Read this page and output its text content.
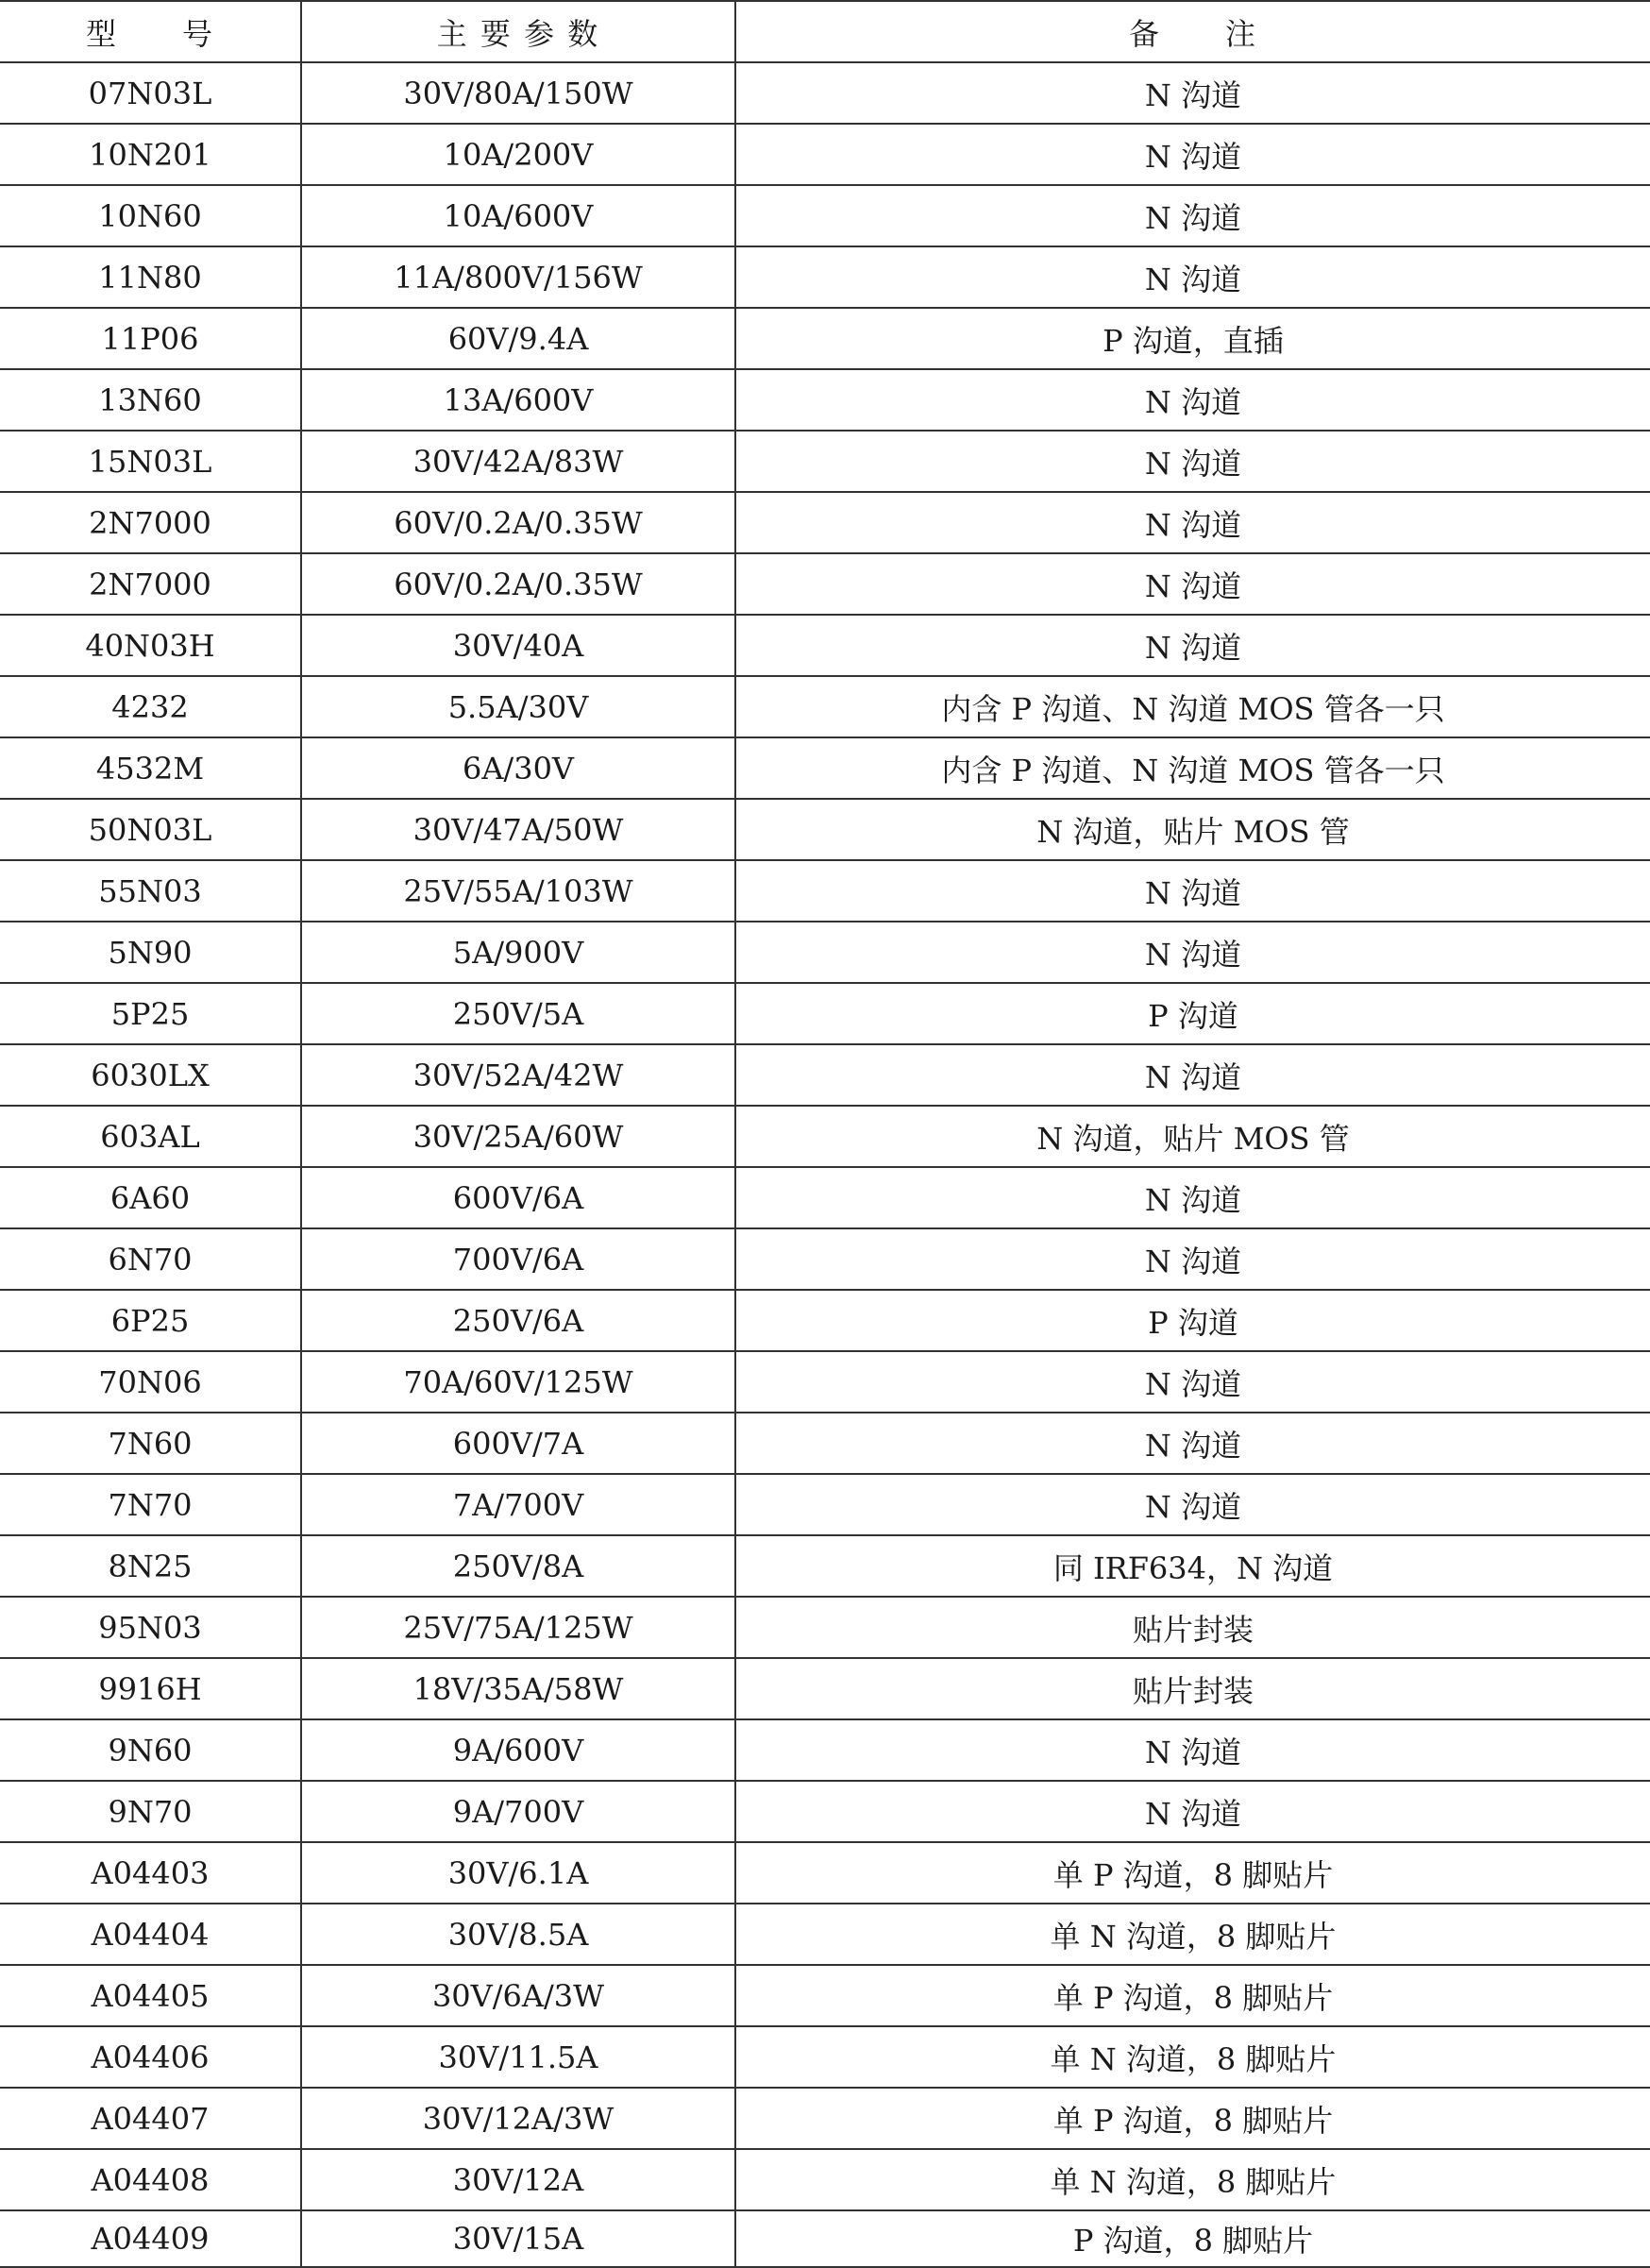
型　　号	主 要 参 数	备　　注
07N03L	30V/80A/150W	N 沟道
10N201	10A/200V	N 沟道
10N60	10A/600V	N 沟道
11N80	11A/800V/156W	N 沟道
11P06	60V/9.4A	P 沟道，直插
13N60	13A/600V	N 沟道
15N03L	30V/42A/83W	N 沟道
2N7000	60V/0.2A/0.35W	N 沟道
2N7000	60V/0.2A/0.35W	N 沟道
40N03H	30V/40A	N 沟道
4232	5.5A/30V	内含 P 沟道、N 沟道 MOS 管各一只
4532M	6A/30V	内含 P 沟道、N 沟道 MOS 管各一只
50N03L	30V/47A/50W	N 沟道，贴片 MOS 管
55N03	25V/55A/103W	N 沟道
5N90	5A/900V	N 沟道
5P25	250V/5A	P 沟道
6030LX	30V/52A/42W	N 沟道
603AL	30V/25A/60W	N 沟道，贴片 MOS 管
6A60	600V/6A	N 沟道
6N70	700V/6A	N 沟道
6P25	250V/6A	P 沟道
70N06	70A/60V/125W	N 沟道
7N60	600V/7A	N 沟道
7N70	7A/700V	N 沟道
8N25	250V/8A	同 IRF634，N 沟道
95N03	25V/75A/125W	贴片封装
9916H	18V/35A/58W	贴片封装
9N60	9A/600V	N 沟道
9N70	9A/700V	N 沟道
A04403	30V/6.1A	单 P 沟道，8 脚贴片
A04404	30V/8.5A	单 N 沟道，8 脚贴片
A04405	30V/6A/3W	单 P 沟道，8 脚贴片
A04406	30V/11.5A	单 N 沟道，8 脚贴片
A04407	30V/12A/3W	单 P 沟道，8 脚贴片
A04408	30V/12A	单 N 沟道，8 脚贴片
A04409	30V/15A	P 沟道，8 脚贴片
